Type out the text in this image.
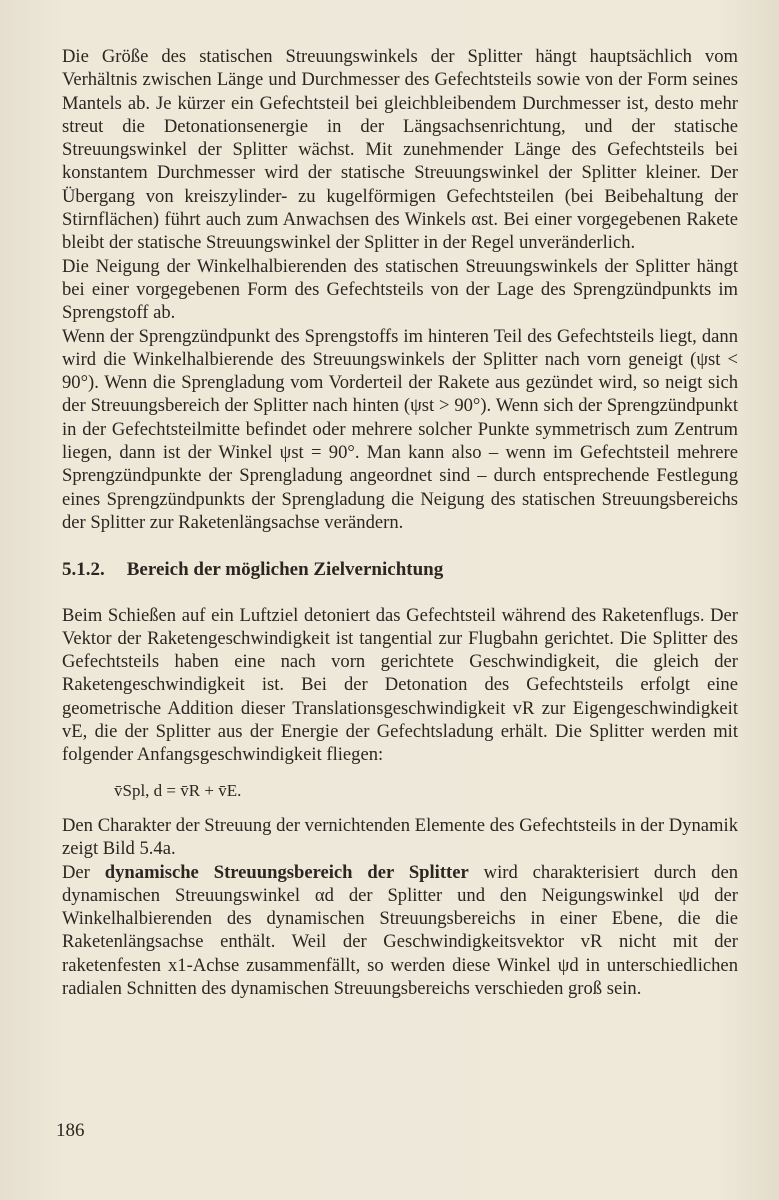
Die Größe des statischen Streuungswinkels der Splitter hängt hauptsächlich vom Verhältnis zwischen Länge und Durchmesser des Gefechtsteils sowie von der Form seines Mantels ab. Je kürzer ein Gefechtsteil bei gleichbleibendem Durchmesser ist, desto mehr streut die Detonationsenergie in der Längsachsenrichtung, und der statische Streuungswinkel der Splitter wächst. Mit zunehmender Länge des Gefechtsteils bei konstantem Durchmesser wird der statische Streuungswinkel der Splitter kleiner. Der Übergang von kreiszylinder- zu kugelförmigen Gefechtsteilen (bei Beibehaltung der Stirnflächen) führt auch zum Anwachsen des Winkels αst. Bei einer vorgegebenen Rakete bleibt der statische Streuungswinkel der Splitter in der Regel unveränderlich.

Die Neigung der Winkelhalbierenden des statischen Streuungswinkels der Splitter hängt bei einer vorgegebenen Form des Gefechtsteils von der Lage des Sprengzündpunkts im Sprengstoff ab.

Wenn der Sprengzündpunkt des Sprengstoffs im hinteren Teil des Gefechtsteils liegt, dann wird die Winkelhalbierende des Streuungswinkels der Splitter nach vorn geneigt (ψst < 90°). Wenn die Sprengladung vom Vorderteil der Rakete aus gezündet wird, so neigt sich der Streuungsbereich der Splitter nach hinten (ψst > 90°). Wenn sich der Sprengzündpunkt in der Gefechtsteilmitte befindet oder mehrere solcher Punkte symmetrisch zum Zentrum liegen, dann ist der Winkel ψst = 90°. Man kann also – wenn im Gefechtsteil mehrere Sprengzündpunkte der Sprengladung angeordnet sind – durch entsprechende Festlegung eines Sprengzündpunkts der Sprengladung die Neigung des statischen Streuungsbereichs der Splitter zur Raketenlängsachse verändern.

5.1.2. Bereich der möglichen Zielvernichtung

Beim Schießen auf ein Luftziel detoniert das Gefechtsteil während des Raketenflugs. Der Vektor der Raketengeschwindigkeit ist tangential zur Flugbahn gerichtet. Die Splitter des Gefechtsteils haben eine nach vorn gerichtete Geschwindigkeit, die gleich der Raketengeschwindigkeit ist. Bei der Detonation des Gefechtsteils erfolgt eine geometrische Addition dieser Translationsgeschwindigkeit vR zur Eigengeschwindigkeit vE, die der Splitter aus der Energie der Gefechtsladung erhält. Die Splitter werden mit folgender Anfangsgeschwindigkeit fliegen:

v̄Spl, d = v̄R + v̄E.

Den Charakter der Streuung der vernichtenden Elemente des Gefechtsteils in der Dynamik zeigt Bild 5.4a.

Der dynamische Streuungsbereich der Splitter wird charakterisiert durch den dynamischen Streuungswinkel αd der Splitter und den Neigungswinkel ψd der Winkelhalbierenden des dynamischen Streuungsbereichs in einer Ebene, die die Raketenlängsachse enthält. Weil der Geschwindigkeitsvektor vR nicht mit der raketenfesten x1-Achse zusammenfällt, so werden diese Winkel ψd in unterschiedlichen radialen Schnitten des dynamischen Streuungsbereichs verschieden groß sein.

186
